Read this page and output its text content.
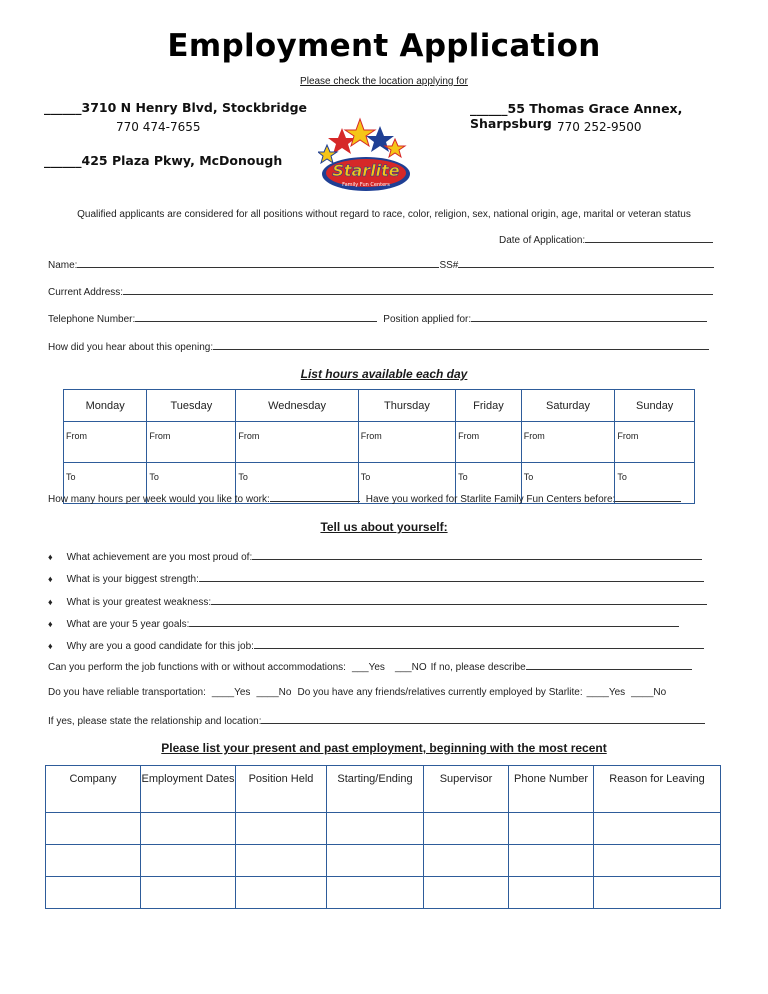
Employment Application
Please check the location applying for
______3710 N Henry Blvd, Stockbridge
770 474-7655
______55 Thomas Grace Annex, Sharpsburg 770 252-9500
______425 Plaza Pkwy, McDonough
Starlite
Family Fun Centers
Qualified applicants are considered for all positions without regard to race, color, religion, sex, national origin, age, marital or veteran status
Date of Application:
Name:	SS#
Current Address:
Telephone Number:	Position applied for:
How did you hear about this opening:
List hours available each day
Monday	Tuesday	Wednesday	Thursday	Friday	Saturday	Sunday
From	From	From	From	From	From	From
To	To	To	To	To	To	To
How many hours per week would you like to work:	Have you worked for Starlite Family Fun Centers before:
Tell us about yourself:
♦ What achievement are you most proud of:
♦ What is your biggest strength:
♦ What is your greatest weakness:
♦ What are your 5 year goals:
♦ Why are you a good candidate for this job:
Can you perform the job functions with or without accommodations: ___Yes ___NO If no, please describe
Do you have reliable transportation: ____Yes ____No Do you have any friends/relatives currently employed by Starlite: ____Yes ____No
If yes, please state the relationship and location:
Please list your present and past employment, beginning with the most recent
Company	Employment Dates	Position Held	Starting/Ending	Supervisor	Phone Number	Reason for Leaving
